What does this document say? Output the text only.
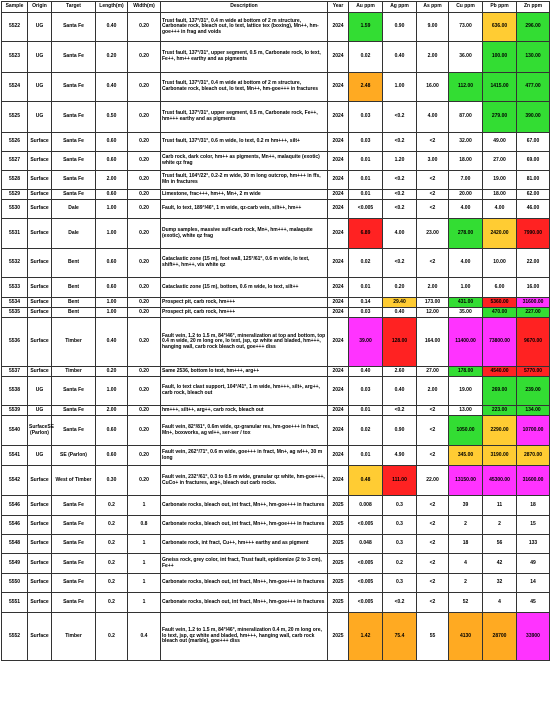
Sample	Origin	Target	Length(m)	Width(m)	Description	Year	Au ppm	Ag ppm	As ppm	Cu ppm	Pb ppm	Zn ppm
5522	UG	Santa Fe	0.40	0.20	Trust fault, 137°/31°, 0.4 m wide at bottom of 2 m structure, Carbonate rock, bleach out, lo text, lattice tex (boxing), Mn++, hm-goe+++ in frag and voids	2024	1.59	0.90	9.00	73.00	636.00	296.00
5523	UG	Santa Fe	0.20	0.20	Trust fault, 137°/31°, upper segment, 0.5 m, Carbonate rock, lo text, Fe++, hm++ earthy and as pigments	2024	0.02	0.40	2.00	36.00	100.00	130.00
5524	UG	Santa Fe	0.40	0.20	Trust fault, 137°/31°, 0.4 m wide at bottom of 2 m structure, Carbonate rock, bleach out, lo text, Mn++, hm-goe+++ in fractures	2024	2.48	1.00	16.00	112.00	1415.00	477.00
5525	UG	Santa Fe	0.50	0.20	Trust fault, 137°/31°, upper segment, 0.5 m, Carbonate rock, Fe++, hm+++ earthy and as pigments	2024	0.03	<0.2	4.00	87.00	279.00	390.00
5526	Surface	Santa Fe	0.60	0.20	Trust fault, 137°/31°, 0.6 m wide, lo text, 0.2 m hm+++, silt+	2024	0.03	<0.2	<2	32.00	49.00	67.00
5527	Surface	Santa Fe	0.60	0.20	Carb rock, dark color, hm++ as pigments, Mn++, malaquite (exotic) white qz frag	2024	0.01	1.20	3.00	18.00	27.00	69.00
5528	Surface	Santa Fe	2.00	0.20	Trust fault, 104°/22°, 0.2-2 m wide, 30 m long outcrop, hm+++ in ffs, Mn in fractures	2024	0.01	<0.2	<2	7.00	19.00	81.00
5529	Surface	Santa Fe	0.60	0.20	Limestone, frac+++, hm++, Mn+, 2 m wide	2024	0.01	<0.2	<2	20.00	18.00	62.00
5530	Surface	Dale	1.00	0.20	Fault, lo text, 189°/46°, 1 m wide, qz-carb vein, silt++, hm++	2024	<0.005	<0.2	<2	4.00	4.00	46.00
5531	Surface	Dale	1.00	0.20	Dump samples, massive sulf-carb rock, Mn+, hm+++, malaquite (exotic), white qz frag	2024	6.89	4.00	23.00	278.00	2420.00	7990.00
5532	Surface	Bent	0.60	0.20	Cataclastic zone (15 m), foot wall, 125°/61°, 0.6 m wide, lo text, shift++, hm++, vis white qz	2024	0.02	<0.2	<2	4.00	10.00	22.00
5533	Surface	Bent	0.60	0.20	Cataclastic zone (15 m), bottom, 0.6 m wide, lo text, silt++	2024	0.01	0.20	2.00	1.00	6.00	16.00
5534	Surface	Bent	1.00	0.20	Prospect pit, carb rock, hm+++	2024	0.14	29.40	173.00	431.00	5360.00	31600.00
5535	Surface	Bent	1.00	0.20	Prospect pit, carb rock, hm+++	2024	0.03	0.40	12.00	35.00	470.00	227.00
5536	Surface	Timber	0.40	0.20	Fault vein, 1.2 to 1.5 m, 84°/46°, mineralization at top and bottom, top 0.4 m wide, 20 m long ore, lo text, jsp, qz white and bladed, hm+++, hanging wall, carb rock bleach out, goe+++ diss	2024	39.00	128.00	164.00	11400.00	73800.00	9670.00
5537	Surface	Timber	0.20	0.20	Same 2536, bottom lo text, hm+++, arg++	2024	0.40	2.60	27.00	178.00	4540.00	5770.00
5538	UG	Santa Fe	1.00	0.20	Fault, lo text clast support, 104°/41°, 1 m wide, hm+++, silt+, arg++, carb rock, bleach out	2024	0.03	0.40	2.00	19.00	269.00	239.00
5539	UG	Santa Fe	2.00	0.20	hm+++, silt++, arg++, carb rock, bleach out	2024	0.01	<0.2	<2	13.00	223.00	134.00
5540	SurfaceSE (Parlon)	Santa Fe	0.60	0.20	Fault vein, 82°/81°, 0.6m wide, qz-granular res, hm-goe+++ in fract, Mn+, boxworks, ag wl++, ser-ser / tox	2024	0.02	0.90	<2	1050.00	2290.00	10700.00
5541	UG	SE (Parlon)	0.60	0.20	Fault vein, 262°/71°, 0.6 m wide, goe+++ in fract, Mn+, ag wl++, 30 m long	2024	0.01	4.90	<2	345.00	3190.00	2870.00
5542	Surface	West of Timber	0.30	0.20	Fault vein, 232°/61°, 0.3 to 0.5 m wide, granular qz white, hm-goe+++, CuCo+ in fractures, arg+, bleach out carb rocks.	2024	0.48	111.00	22.00	13150.00	45300.00	31600.00
5546	Surface	Santa Fe	0.2	1	Carbonate rocks, bleach out, int fract, Mn++, hm-goe+++ in fractures	2025	0.008	0.3	<2	39	11	18
5546	Surface	Santa Fe	0.2	0.8	Carbonate rocks, bleach out, int fract, Mn++, hm-goe+++ in fractures	2025	<0.005	0.3	<2	2	2	15
5548	Surface	Santa Fe	0.2	1	Carbonate rock, int fract, Cu++, hm+++ earthy and as pigment	2025	0.048	0.3	<2	18	56	133
5549	Surface	Santa Fe	0.2	1	Gneiss rock, grey color, int fract, Trust fault, epidiomize (2 to 3 cm), Fe++	2025	<0.005	0.2	<2	4	42	49
5550	Surface	Santa Fe	0.2	1	Carbonate rocks, bleach out, int fract, Mn++, hm-goe+++ in fractures	2025	<0.005	0.3	<2	2	32	14
5551	Surface	Santa Fe	0.2	1	Carbonate rocks, bleach out, int fract, Mn++, hm-goe+++ in fractures	2025	<0.005	<0.2	<2	52	4	45
5552	Surface	Timber	0.2	0.4	Fault vein, 1.2 to 1.5 m, 84°/46°, mineralization 0.4 m, 20 m long ore, lo text, jsp, qz white and bladed, hm+++, hanging wall, carb rock bleach out (marble), goe+++ diss	2025	1.42	75.4	55	4130	28700	33900
